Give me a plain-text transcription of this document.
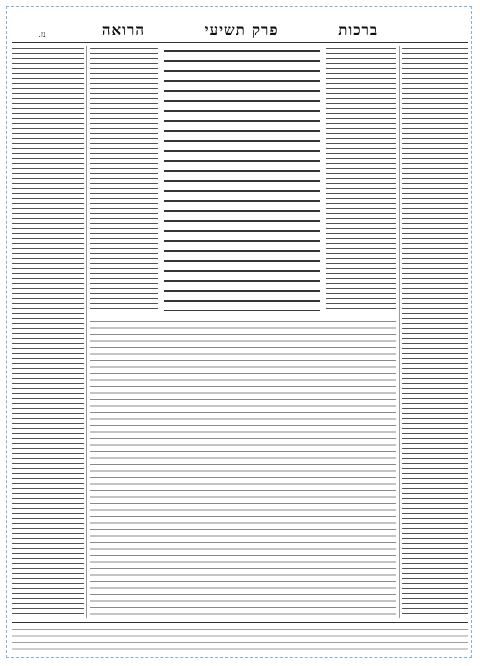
ברכות
פרק תשיעי
הרואה
נז.
